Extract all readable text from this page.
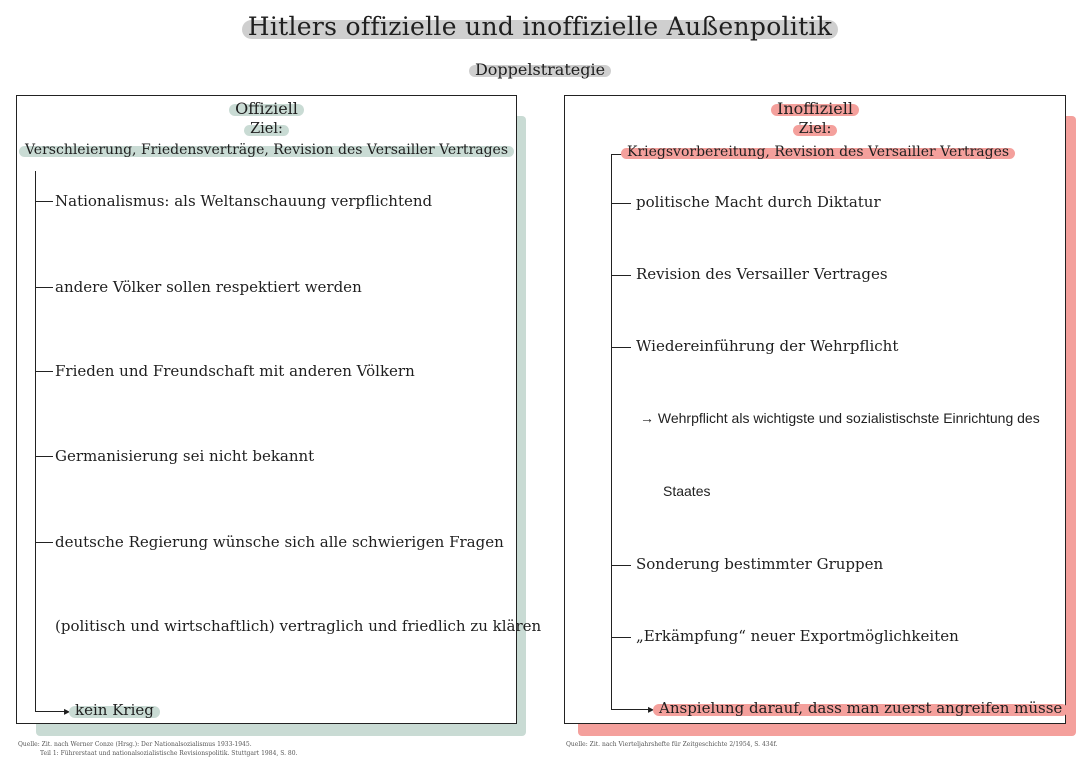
Hitlers offizielle und inoffizielle Außenpolitik
Doppelstrategie
Offiziell
Ziel:
Verschleierung, Friedensverträge, Revision des Versailler Vertrages
Nationalismus: als Weltanschauung verpflichtend
andere Völker sollen respektiert werden
Frieden und Freundschaft mit anderen Völkern
Germanisierung sei nicht bekannt
deutsche Regierung wünsche sich alle schwierigen Fragen
(politisch und wirtschaftlich) vertraglich und friedlich zu klären
▸ kein Krieg
Inoffiziell
Ziel:
Kriegsvorbereitung, Revision des Versailler Vertrages
politische Macht durch Diktatur
Revision des Versailler Vertrages
Wiedereinführung der Wehrpflicht
→ Wehrpflicht als wichtigste und sozialistischste Einrichtung des
Staates
Sonderung bestimmter Gruppen
„Erkämpfung“ neuer Exportmöglichkeiten
▸ Anspielung darauf, dass man zuerst angreifen müsse
Quelle: Zit. nach Werner Conze (Hrsg.): Der Nationalsozialismus 1933-1945.
Teil 1: Führerstaat und nationalsozialistische Revisionspolitik. Stuttgart 1984, S. 80.
Quelle: Zit. nach Vierteljahrshefte für Zeitgeschichte 2/1954, S. 434f.
